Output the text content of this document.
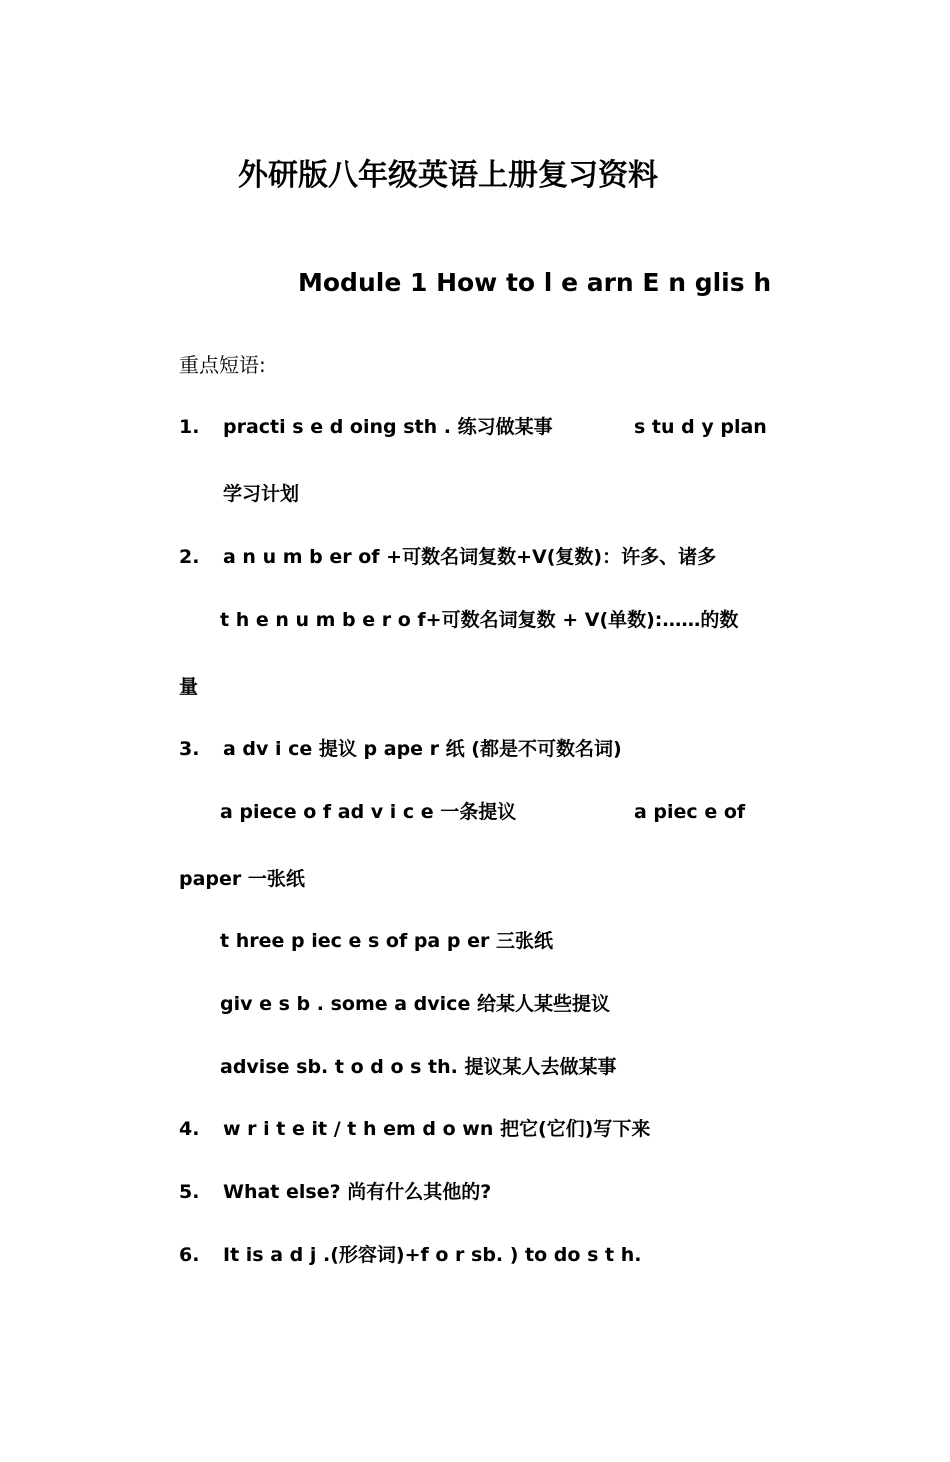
外研版八年级英语上册复习资料
Module 1 How to l e arn E n glis h
重点短语:
1. practi s e d oing sth . 练习做某事	s tu d y plan
学习计划
2. a n u m b er of +可数名词复数+V(复数)：许多、诸多
t h e n u m b e r o f+可数名词复数 + V(单数):……的数
量
3. a dv i ce 提议 p ape r 纸 (都是不可数名词)
a piece o f ad v i c e 一条提议	a piec e of
paper 一张纸
t hree p iec e s of pa p er 三张纸
giv e s b . some a dvice 给某人某些提议
advise sb. t o d o s th. 提议某人去做某事
4. w r i t e it / t h em d o wn 把它(它们)写下来
5. What else? 尚有什么其他的?
6. It is a d j .(形容词)+f o r sb. ) to do s t h.
